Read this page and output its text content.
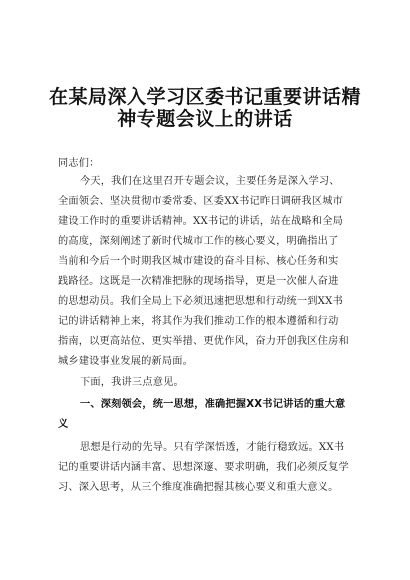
在某局深入学习区委书记重要讲话精
神专题会议上的讲话
同志们：
今天，我们在这里召开专题会议，主要任务是深入学习、
全面领会、坚决贯彻市委常委、区委XX书记昨日调研我区城市
建设工作时的重要讲话精神。XX书记的讲话，站在战略和全局
的高度，深刻阐述了新时代城市工作的核心要义，明确指出了
当前和今后一个时期我区城市建设的奋斗目标、核心任务和实
践路径。这既是一次精准把脉的现场指导，更是一次催人奋进
的思想动员。我们全局上下必须迅速把思想和行动统一到XX书
记的讲话精神上来，将其作为我们推动工作的根本遵循和行动
指南，以更高站位、更实举措、更优作风，奋力开创我区住房和
城乡建设事业发展的新局面。
下面，我讲三点意见。
一、深刻领会，统一思想，准确把握XX书记讲话的重大意
义
思想是行动的先导。只有学深悟透，才能行稳致远。XX书
记的重要讲话内涵丰富、思想深邃、要求明确，我们必须反复学
习、深入思考，从三个维度准确把握其核心要义和重大意义。
